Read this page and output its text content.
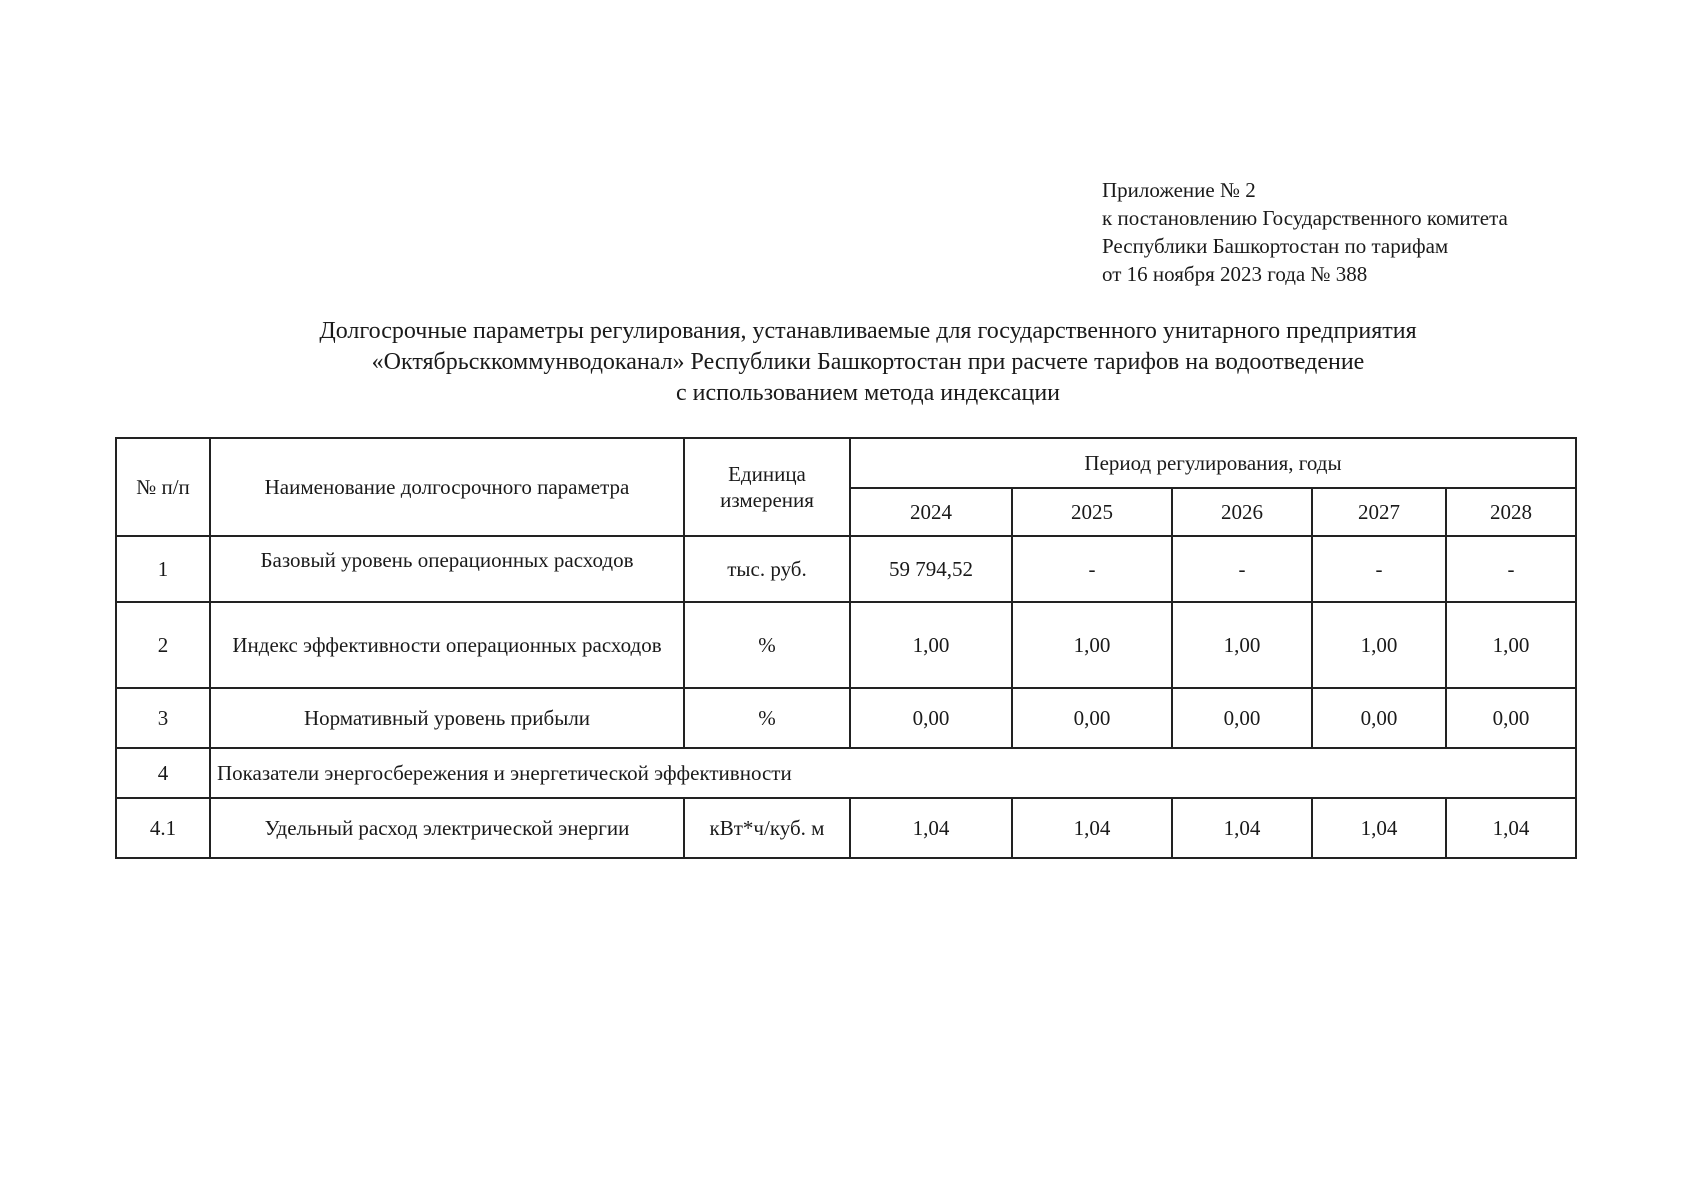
Приложение № 2
к постановлению Государственного комитета
Республики Башкортостан по тарифам
от 16 ноября 2023 года № 388
Долгосрочные параметры регулирования, устанавливаемые для государственного унитарного предприятия
«Октябрьсккоммунводоканал» Республики Башкортостан при расчете тарифов на водоотведение
с использованием метода индексации
№ п/п	Наименование долгосрочного параметра	Единица измерения	Период регулирования, годы				
			2024	2025	2026	2027	2028
1	Базовый уровень операционных расходов	тыс. руб.	59 794,52	-	-	-	-
2	Индекс эффективности операционных расходов	%	1,00	1,00	1,00	1,00	1,00
3	Нормативный уровень прибыли	%	0,00	0,00	0,00	0,00	0,00
4	Показатели энергосбережения и энергетической эффективности						
4.1	Удельный расход электрической энергии	кВт*ч/куб. м	1,04	1,04	1,04	1,04	1,04
